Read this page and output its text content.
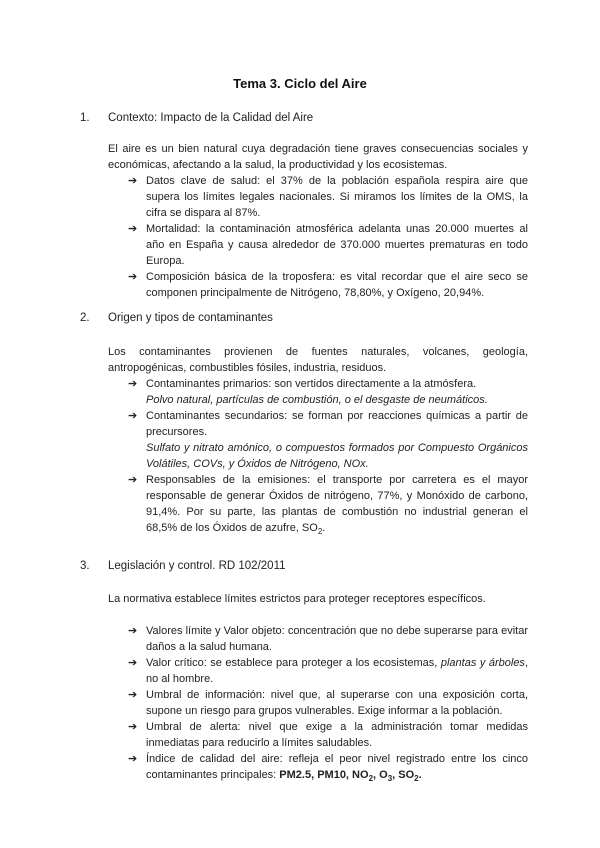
Tema 3. Ciclo del Aire
1. Contexto: Impacto de la Calidad del Aire
El aire es un bien natural cuya degradación tiene graves consecuencias sociales y económicas, afectando a la salud, la productividad y los ecosistemas.
➔ Datos clave de salud: el 37% de la población española respira aire que supera los límites legales nacionales. Si miramos los límites de la OMS, la cifra se dispara al 87%.
➔ Mortalidad: la contaminación atmosférica adelanta unas 20.000 muertes al año en España y causa alrededor de 370.000 muertes prematuras en todo Europa.
➔ Composición básica de la troposfera: es vital recordar que el aire seco se componen principalmente de Nitrógeno, 78,80%, y Oxígeno, 20,94%.
2. Origen y tipos de contaminantes
Los contaminantes provienen de fuentes naturales, volcanes, geología, antropogénicas, combustibles fósiles, industria, residuos.
➔ Contaminantes primarios: son vertidos directamente a la atmósfera.
Polvo natural, partículas de combustión, o el desgaste de neumáticos.
➔ Contaminantes secundarios: se forman por reacciones químicas a partir de precursores.
Sulfato y nitrato amónico, o compuestos formados por Compuesto Orgánicos Volátiles, COVs, y Óxidos de Nitrógeno, NOx.
➔ Responsables de la emisiones: el transporte por carretera es el mayor responsable de generar Óxidos de nitrógeno, 77%, y Monóxido de carbono, 91,4%. Por su parte, las plantas de combustión no industrial generan el 68,5% de los Óxidos de azufre, $SO_2$.
3. Legislación y control. RD 102/2011
La normativa establece límites estrictos para proteger receptores específicos.
➔ Valores límite y Valor objeto: concentración que no debe superarse para evitar daños a la salud humana.
➔ Valor crítico: se establece para proteger a los ecosistemas, plantas y árboles, no al hombre.
➔ Umbral de información: nivel que, al superarse con una exposición corta, supone un riesgo para grupos vulnerables. Exige informar a la población.
➔ Umbral de alerta: nivel que exige a la administración tomar medidas inmediatas para reducirlo a límites saludables.
➔ Índice de calidad del aire: refleja el peor nivel registrado entre los cinco contaminantes principales: PM2.5, PM10, $NO_2$, $O_3$, $SO_2$.
